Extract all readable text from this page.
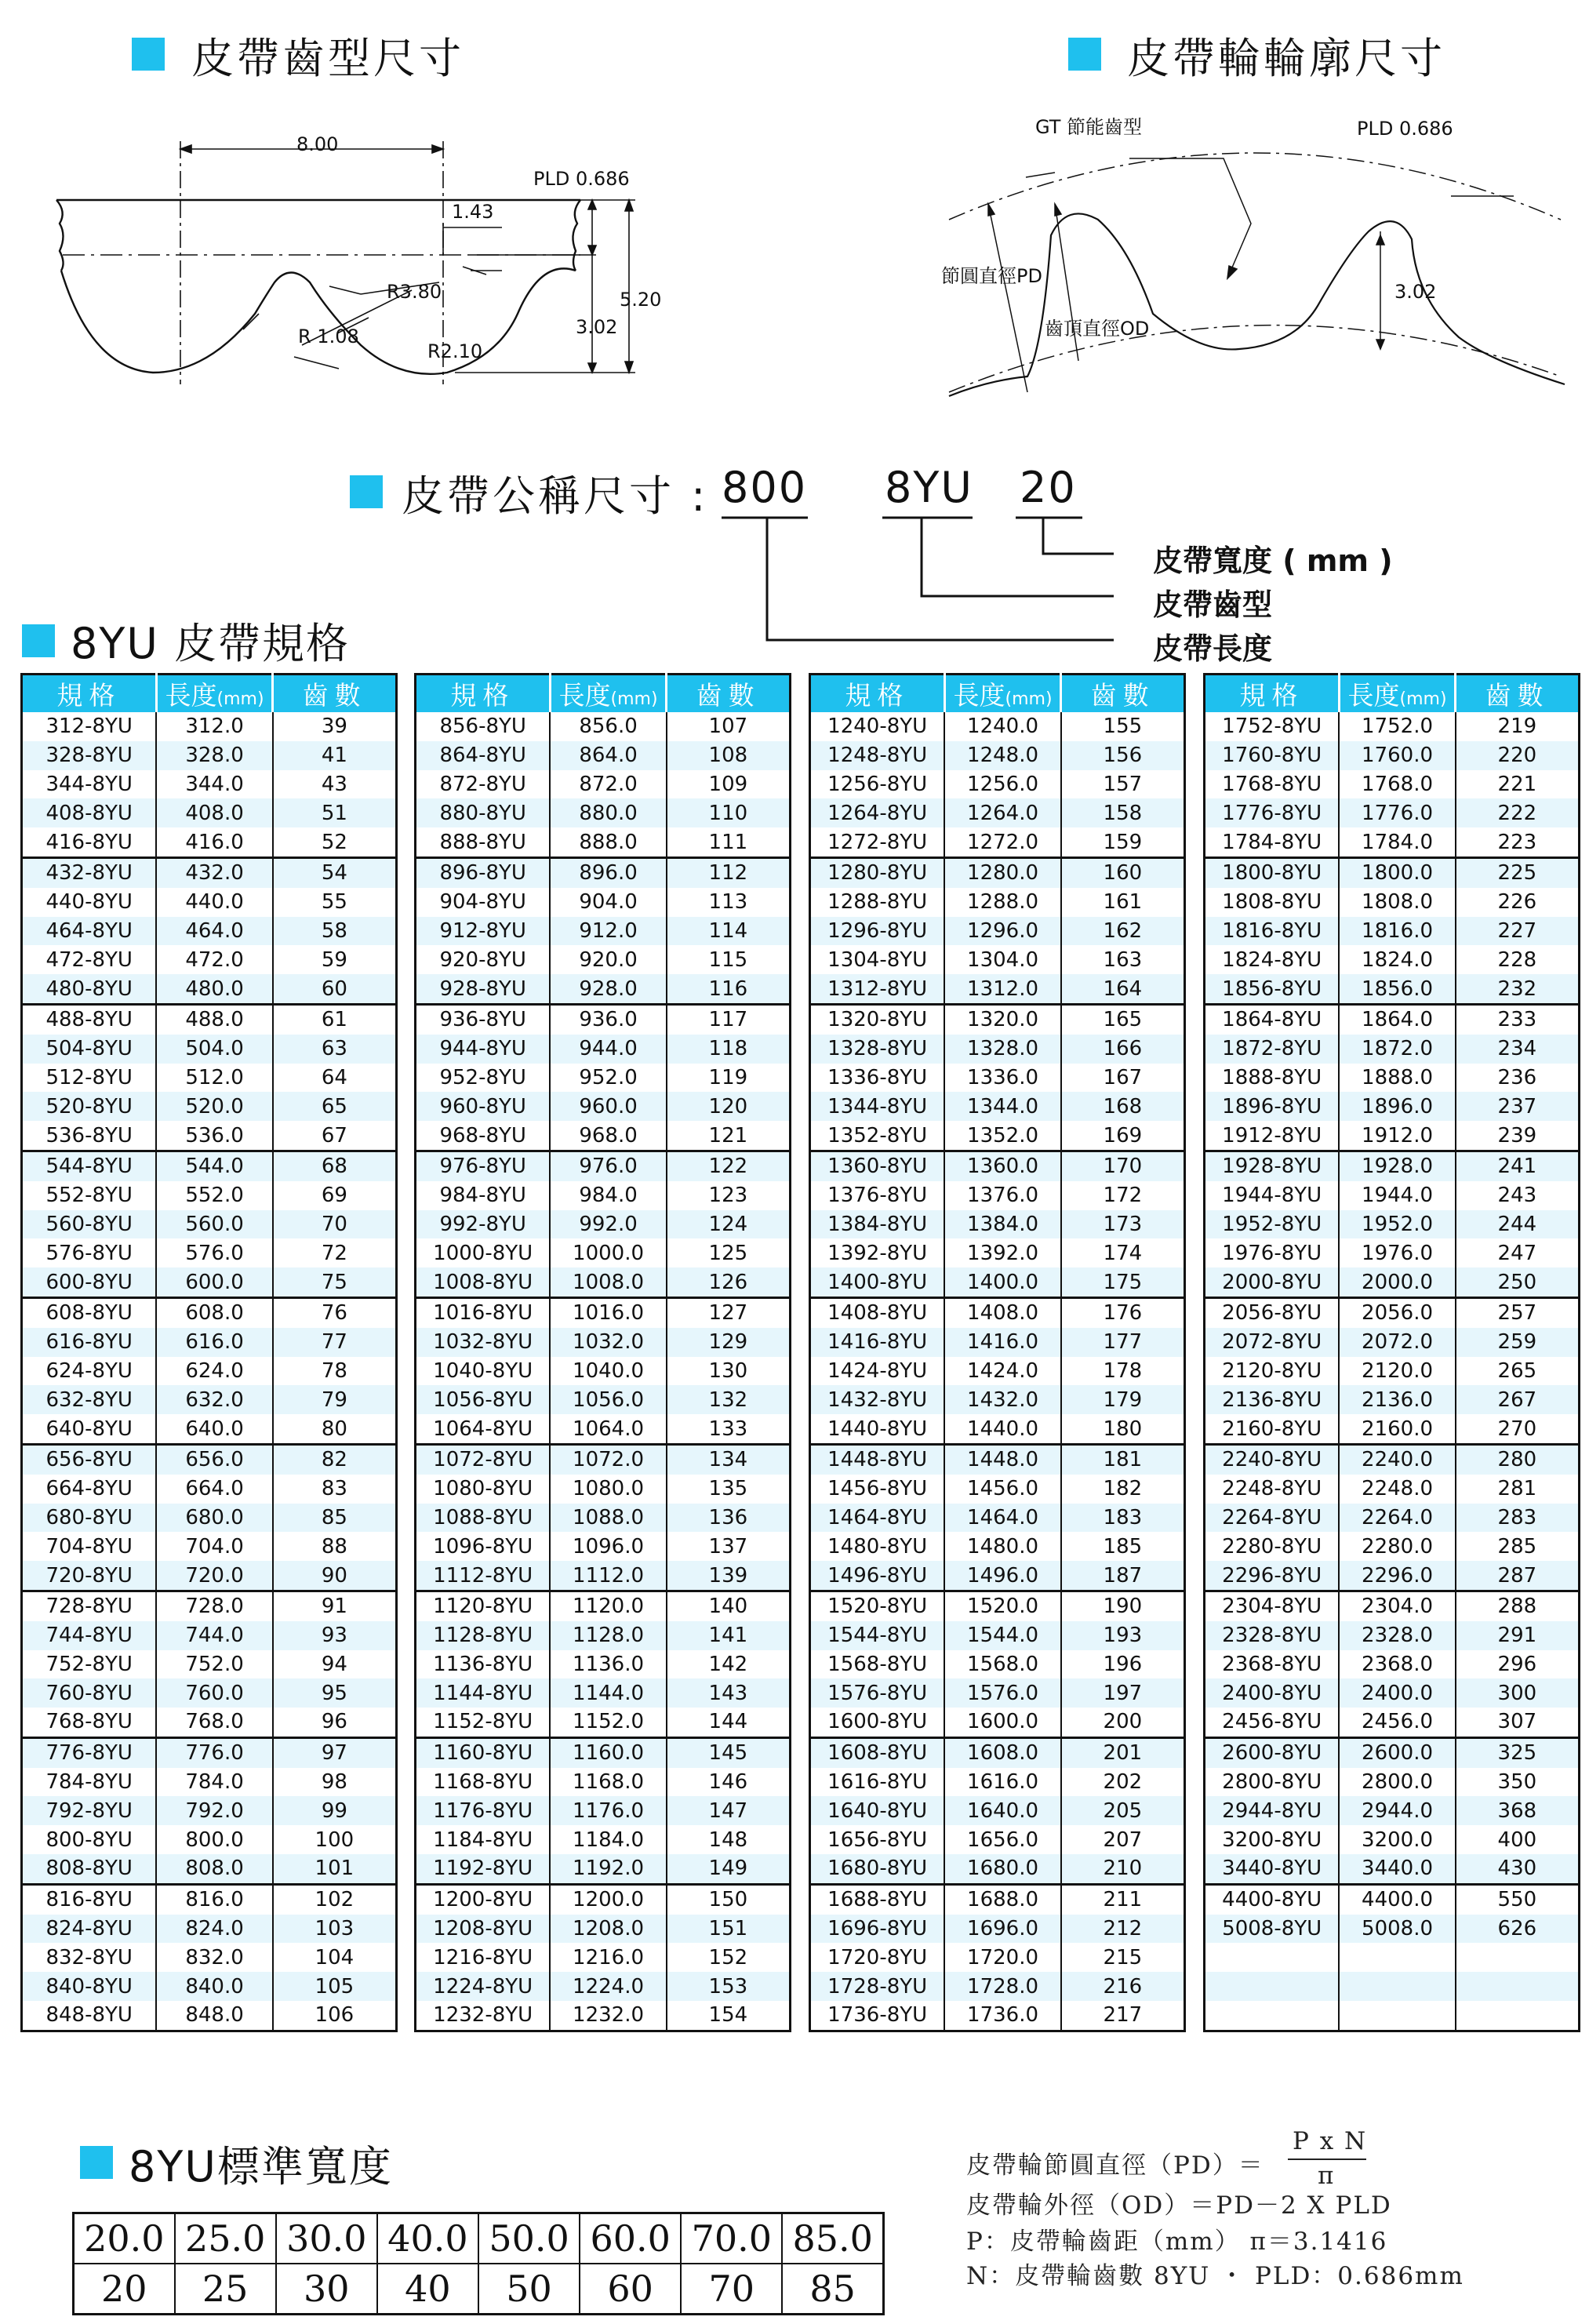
皮帶齒型尺寸
8.00
PLD 0.686
1.43
R3.80
R 1.08
R2.10
5.20
3.02
皮帶輪輪廓尺寸
GT 節能齒型	PLD 0.686
節圓直徑PD
齒頂直徑OD
3.02
皮帶公稱尺寸 : 800 8YU 20
皮帶寬度 ( mm )
皮帶齒型
皮帶長度
8YU 皮帶規格
規格	長度(mm)	齒數
312-8YU	312.0	39
328-8YU	328.0	41
344-8YU	344.0	43
408-8YU	408.0	51
416-8YU	416.0	52
432-8YU	432.0	54
440-8YU	440.0	55
464-8YU	464.0	58
472-8YU	472.0	59
480-8YU	480.0	60
488-8YU	488.0	61
504-8YU	504.0	63
512-8YU	512.0	64
520-8YU	520.0	65
536-8YU	536.0	67
544-8YU	544.0	68
552-8YU	552.0	69
560-8YU	560.0	70
576-8YU	576.0	72
600-8YU	600.0	75
608-8YU	608.0	76
616-8YU	616.0	77
624-8YU	624.0	78
632-8YU	632.0	79
640-8YU	640.0	80
656-8YU	656.0	82
664-8YU	664.0	83
680-8YU	680.0	85
704-8YU	704.0	88
720-8YU	720.0	90
728-8YU	728.0	91
744-8YU	744.0	93
752-8YU	752.0	94
760-8YU	760.0	95
768-8YU	768.0	96
776-8YU	776.0	97
784-8YU	784.0	98
792-8YU	792.0	99
800-8YU	800.0	100
808-8YU	808.0	101
816-8YU	816.0	102
824-8YU	824.0	103
832-8YU	832.0	104
840-8YU	840.0	105
848-8YU	848.0	106
規格	長度(mm)	齒數
856-8YU	856.0	107
864-8YU	864.0	108
872-8YU	872.0	109
880-8YU	880.0	110
888-8YU	888.0	111
896-8YU	896.0	112
904-8YU	904.0	113
912-8YU	912.0	114
920-8YU	920.0	115
928-8YU	928.0	116
936-8YU	936.0	117
944-8YU	944.0	118
952-8YU	952.0	119
960-8YU	960.0	120
968-8YU	968.0	121
976-8YU	976.0	122
984-8YU	984.0	123
992-8YU	992.0	124
1000-8YU	1000.0	125
1008-8YU	1008.0	126
1016-8YU	1016.0	127
1032-8YU	1032.0	129
1040-8YU	1040.0	130
1056-8YU	1056.0	132
1064-8YU	1064.0	133
1072-8YU	1072.0	134
1080-8YU	1080.0	135
1088-8YU	1088.0	136
1096-8YU	1096.0	137
1112-8YU	1112.0	139
1120-8YU	1120.0	140
1128-8YU	1128.0	141
1136-8YU	1136.0	142
1144-8YU	1144.0	143
1152-8YU	1152.0	144
1160-8YU	1160.0	145
1168-8YU	1168.0	146
1176-8YU	1176.0	147
1184-8YU	1184.0	148
1192-8YU	1192.0	149
1200-8YU	1200.0	150
1208-8YU	1208.0	151
1216-8YU	1216.0	152
1224-8YU	1224.0	153
1232-8YU	1232.0	154
規格	長度(mm)	齒數
1240-8YU	1240.0	155
1248-8YU	1248.0	156
1256-8YU	1256.0	157
1264-8YU	1264.0	158
1272-8YU	1272.0	159
1280-8YU	1280.0	160
1288-8YU	1288.0	161
1296-8YU	1296.0	162
1304-8YU	1304.0	163
1312-8YU	1312.0	164
1320-8YU	1320.0	165
1328-8YU	1328.0	166
1336-8YU	1336.0	167
1344-8YU	1344.0	168
1352-8YU	1352.0	169
1360-8YU	1360.0	170
1376-8YU	1376.0	172
1384-8YU	1384.0	173
1392-8YU	1392.0	174
1400-8YU	1400.0	175
1408-8YU	1408.0	176
1416-8YU	1416.0	177
1424-8YU	1424.0	178
1432-8YU	1432.0	179
1440-8YU	1440.0	180
1448-8YU	1448.0	181
1456-8YU	1456.0	182
1464-8YU	1464.0	183
1480-8YU	1480.0	185
1496-8YU	1496.0	187
1520-8YU	1520.0	190
1544-8YU	1544.0	193
1568-8YU	1568.0	196
1576-8YU	1576.0	197
1600-8YU	1600.0	200
1608-8YU	1608.0	201
1616-8YU	1616.0	202
1640-8YU	1640.0	205
1656-8YU	1656.0	207
1680-8YU	1680.0	210
1688-8YU	1688.0	211
1696-8YU	1696.0	212
1720-8YU	1720.0	215
1728-8YU	1728.0	216
1736-8YU	1736.0	217
規格	長度(mm)	齒數
1752-8YU	1752.0	219
1760-8YU	1760.0	220
1768-8YU	1768.0	221
1776-8YU	1776.0	222
1784-8YU	1784.0	223
1800-8YU	1800.0	225
1808-8YU	1808.0	226
1816-8YU	1816.0	227
1824-8YU	1824.0	228
1856-8YU	1856.0	232
1864-8YU	1864.0	233
1872-8YU	1872.0	234
1888-8YU	1888.0	236
1896-8YU	1896.0	237
1912-8YU	1912.0	239
1928-8YU	1928.0	241
1944-8YU	1944.0	243
1952-8YU	1952.0	244
1976-8YU	1976.0	247
2000-8YU	2000.0	250
2056-8YU	2056.0	257
2072-8YU	2072.0	259
2120-8YU	2120.0	265
2136-8YU	2136.0	267
2160-8YU	2160.0	270
2240-8YU	2240.0	280
2248-8YU	2248.0	281
2264-8YU	2264.0	283
2280-8YU	2280.0	285
2296-8YU	2296.0	287
2304-8YU	2304.0	288
2328-8YU	2328.0	291
2368-8YU	2368.0	296
2400-8YU	2400.0	300
2456-8YU	2456.0	307
2600-8YU	2600.0	325
2800-8YU	2800.0	350
2944-8YU	2944.0	368
3200-8YU	3200.0	400
3440-8YU	3440.0	430
4400-8YU	4400.0	550
5008-8YU	5008.0	626

8YU標準寬度
20.0	25.0	30.0	40.0	50.0	60.0	70.0	85.0
20	25	30	40	50	60	70	85
皮帶輪節圓直徑（PD）＝
P x N
π
皮帶輪外徑（OD）＝PD－2 X PLD
P：皮帶輪齒距（mm） π＝3.1416
N：皮帶輪齒數 8YU ・ PLD：0.686mm
